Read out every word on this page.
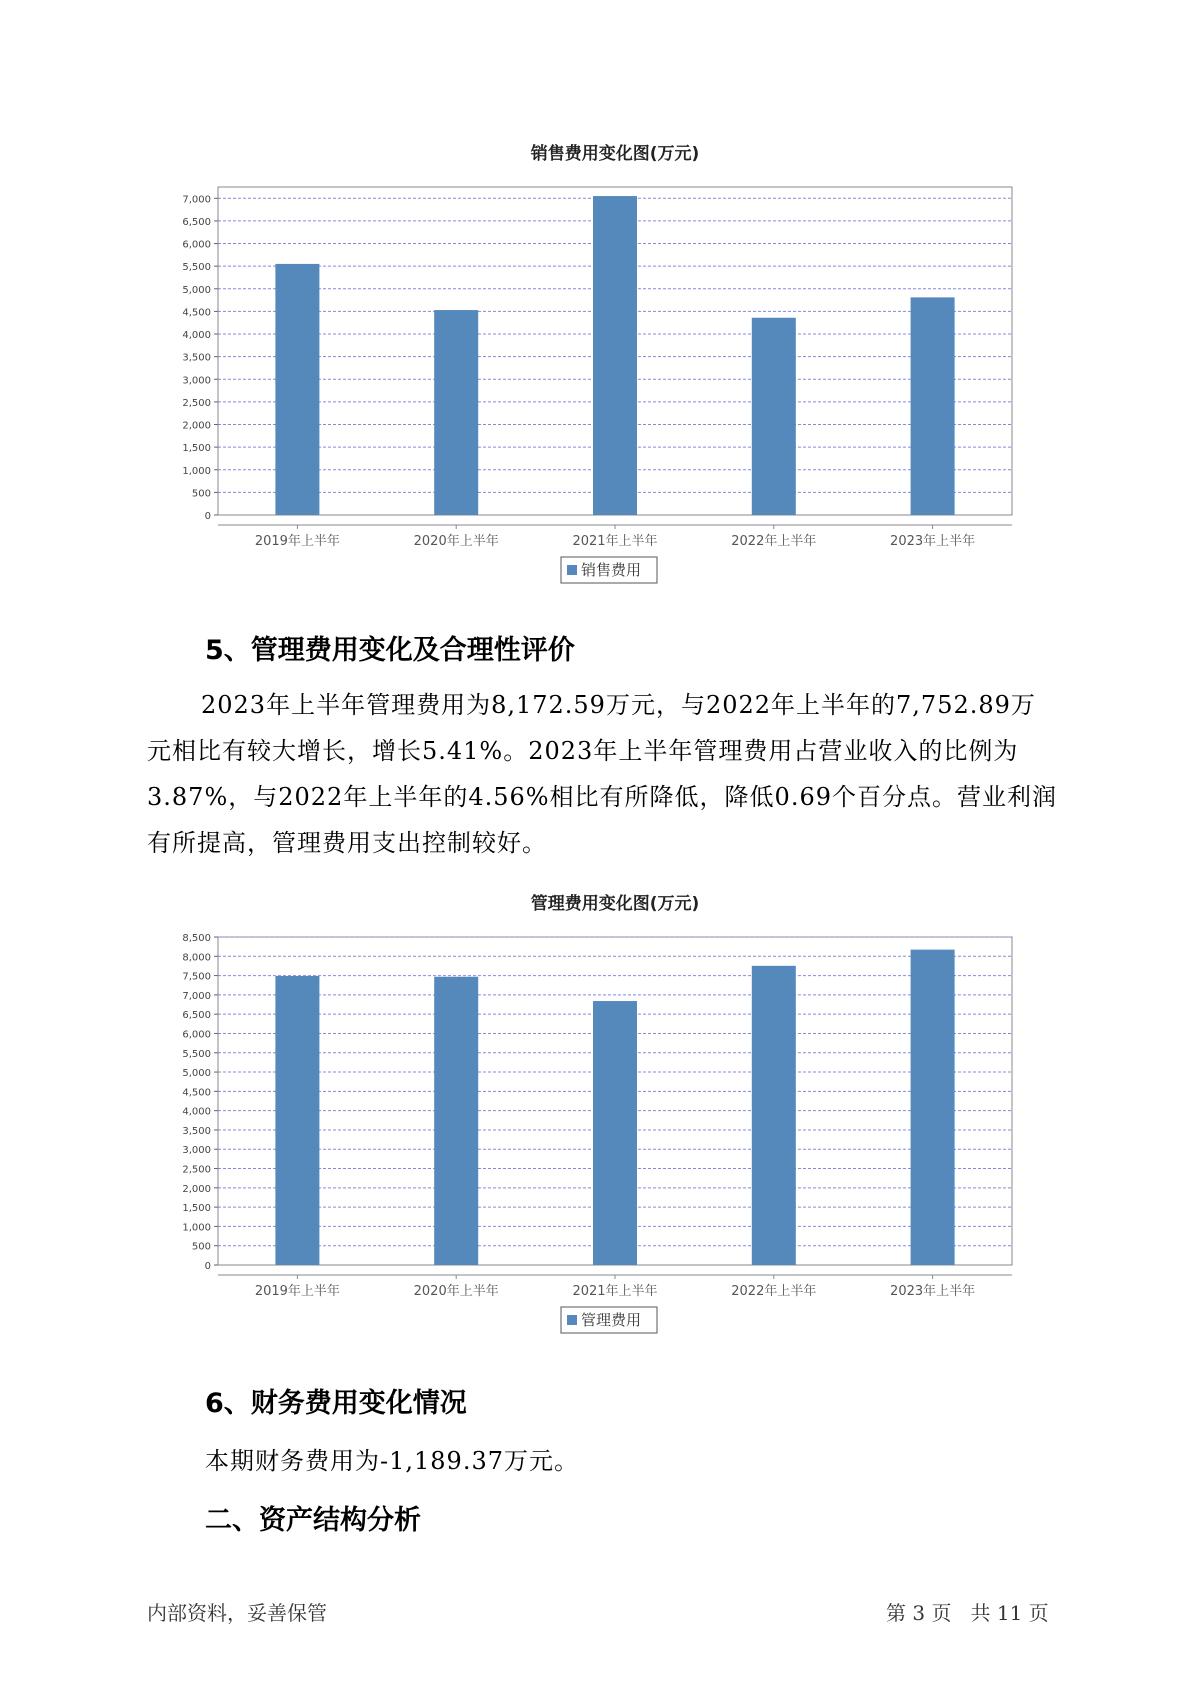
销售费用变化图(万元)
0
500
1,000
1,500
2,000
2,500
3,000
3,500
4,000
4,500
5,000
5,500
6,000
6,500
7,000
2019年上半年	2020年上半年	2021年上半年	2022年上半年	2023年上半年
销售费用
5、管理费用变化及合理性评价

2023年上半年管理费用为8,172.59万元，与2022年上半年的7,752.89万元相比有较大增长，增长5.41%。2023年上半年管理费用占营业收入的比例为3.87%，与2022年上半年的4.56%相比有所降低，降低0.69个百分点。营业利润有所提高，管理费用支出控制较好。

管理费用变化图(万元)
0
500
1,000
1,500
2,000
2,500
3,000
3,500
4,000
4,500
5,000
5,500
6,000
6,500
7,000
7,500
8,000
8,500
2019年上半年	2020年上半年	2021年上半年	2022年上半年	2023年上半年
管理费用
6、财务费用变化情况

本期财务费用为-1,189.37万元。

二、资产结构分析
内部资料，妥善保管	第 3 页   共 11 页
